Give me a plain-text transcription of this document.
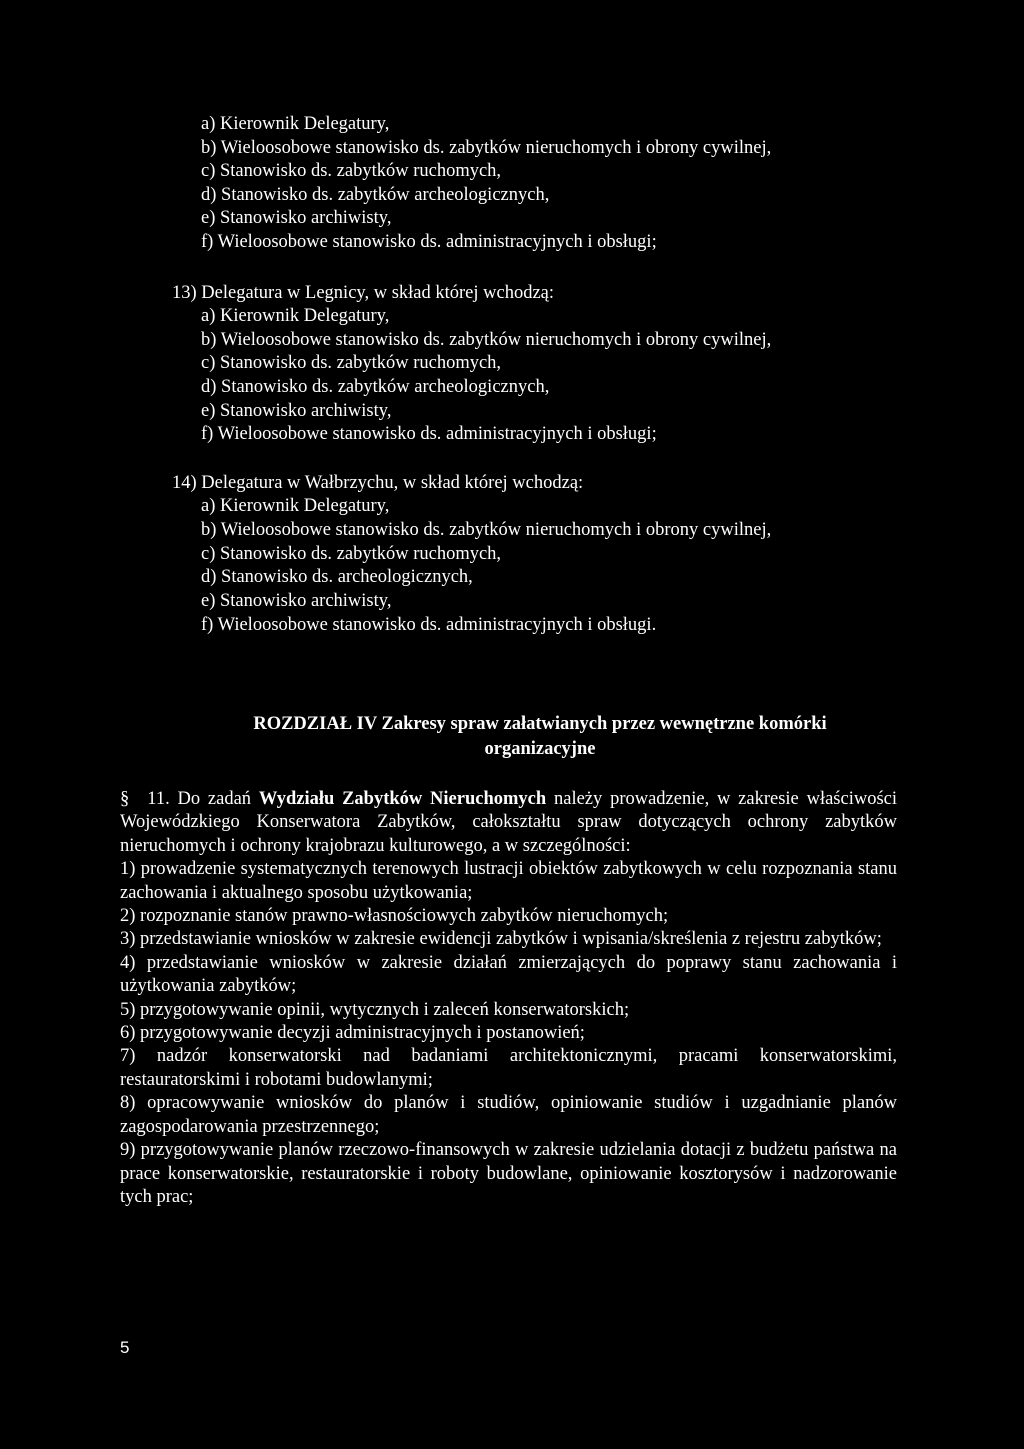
a) Kierownik Delegatury,
b) Wieloosobowe stanowisko ds. zabytków nieruchomych i obrony cywilnej,
c) Stanowisko ds. zabytków ruchomych,
d) Stanowisko ds. zabytków archeologicznych,
e) Stanowisko archiwisty,
f) Wieloosobowe stanowisko ds. administracyjnych i obsługi;
13) Delegatura w Legnicy, w skład której wchodzą:
a) Kierownik Delegatury,
b) Wieloosobowe stanowisko ds. zabytków nieruchomych i obrony cywilnej,
c) Stanowisko ds. zabytków ruchomych,
d) Stanowisko ds. zabytków archeologicznych,
e) Stanowisko archiwisty,
f) Wieloosobowe stanowisko ds. administracyjnych i obsługi;
14) Delegatura w Wałbrzychu, w skład której wchodzą:
a) Kierownik Delegatury,
b) Wieloosobowe stanowisko ds. zabytków nieruchomych i obrony cywilnej,
c) Stanowisko ds. zabytków ruchomych,
d) Stanowisko ds. archeologicznych,
e) Stanowisko archiwisty,
f) Wieloosobowe stanowisko ds. administracyjnych i obsługi.
ROZDZIAŁ IV Zakresy spraw załatwianych przez wewnętrzne komórki
organizacyjne

§ 11. Do zadań Wydziału Zabytków Nieruchomych należy prowadzenie, w zakresie właściwości Wojewódzkiego Konserwatora Zabytków, całokształtu spraw dotyczących ochrony zabytków nieruchomych i ochrony krajobrazu kulturowego, a w szczególności:

1) prowadzenie systematycznych terenowych lustracji obiektów zabytkowych w celu rozpoznania stanu zachowania i aktualnego sposobu użytkowania;

2) rozpoznanie stanów prawno-własnościowych zabytków nieruchomych;

3) przedstawianie wniosków w zakresie ewidencji zabytków i wpisania/skreślenia z rejestru zabytków;

4) przedstawianie wniosków w zakresie działań zmierzających do poprawy stanu zachowania i użytkowania zabytków;

5) przygotowywanie opinii, wytycznych i zaleceń konserwatorskich;

6) przygotowywanie decyzji administracyjnych i postanowień;

7) nadzór konserwatorski nad badaniami architektonicznymi, pracami konserwatorskimi, restauratorskimi i robotami budowlanymi;

8) opracowywanie wniosków do planów i studiów, opiniowanie studiów i uzgadnianie planów zagospodarowania przestrzennego;

9) przygotowywanie planów rzeczowo-finansowych w zakresie udzielania dotacji z budżetu państwa na prace konserwatorskie, restauratorskie i roboty budowlane, opiniowanie kosztorysów i nadzorowanie tych prac;

5
